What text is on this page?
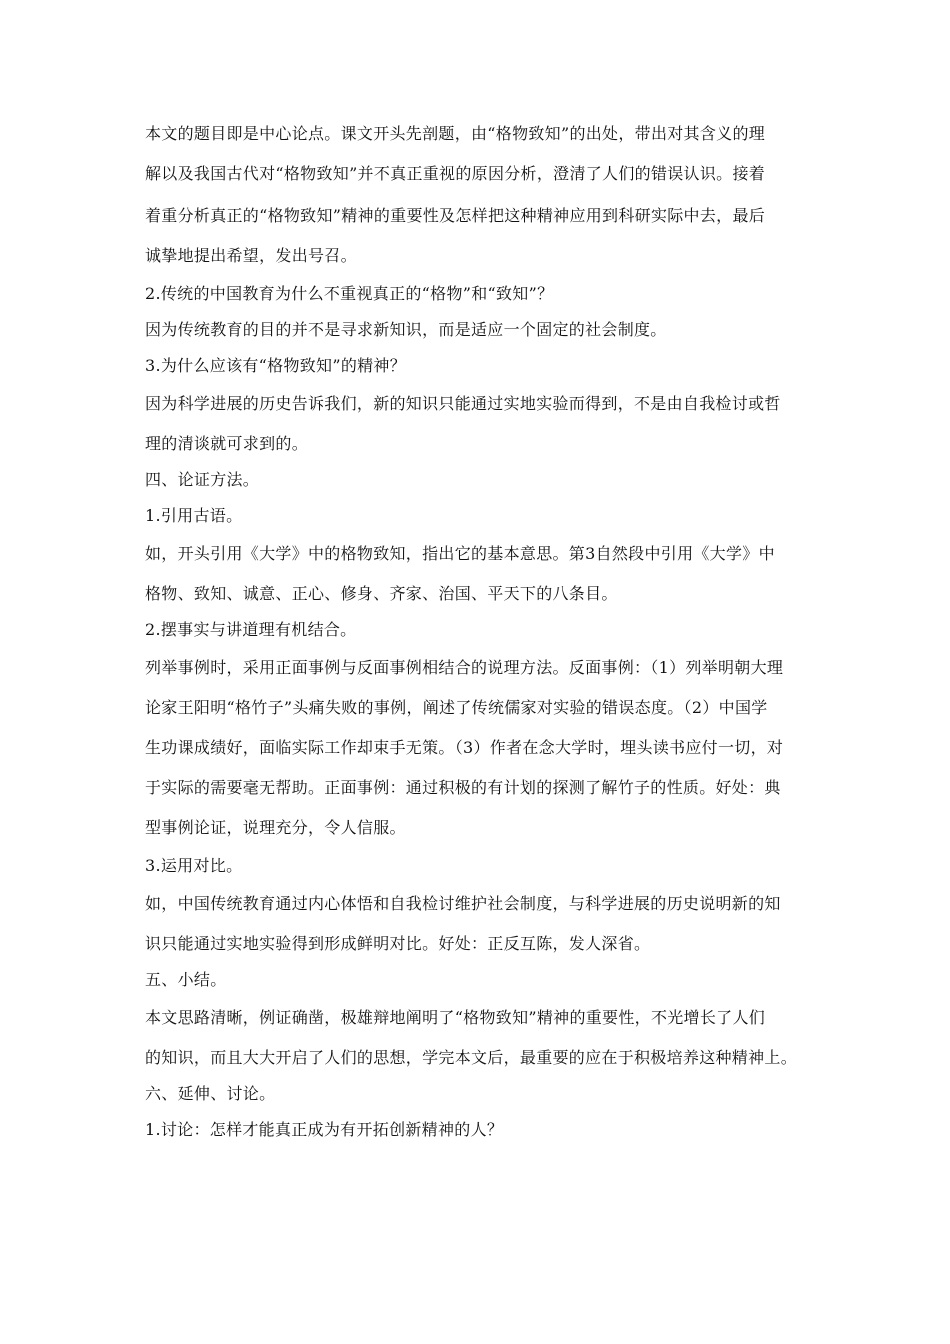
本文的题目即是中心论点。课文开头先剖题，由“格物致知”的出处，带出对其含义的理
解以及我国古代对“格物致知”并不真正重视的原因分析，澄清了人们的错误认识。接着
着重分析真正的“格物致知”精神的重要性及怎样把这种精神应用到科研实际中去，最后
诚挚地提出希望，发出号召。
2.传统的中国教育为什么不重视真正的“格物”和“致知”？
因为传统教育的目的并不是寻求新知识，而是适应一个固定的社会制度。
3.为什么应该有“格物致知”的精神？
因为科学进展的历史告诉我们，新的知识只能通过实地实验而得到，不是由自我检讨或哲
理的清谈就可求到的。
四、论证方法。
1.引用古语。
如，开头引用《大学》中的格物致知，指出它的基本意思。第3自然段中引用《大学》中
格物、致知、诚意、正心、修身、齐家、治国、平天下的八条目。
2.摆事实与讲道理有机结合。
列举事例时，采用正面事例与反面事例相结合的说理方法。反面事例：（1）列举明朝大理
论家王阳明“格竹子”头痛失败的事例，阐述了传统儒家对实验的错误态度。（2）中国学
生功课成绩好，面临实际工作却束手无策。（3）作者在念大学时，埋头读书应付一切，对
于实际的需要毫无帮助。正面事例：通过积极的有计划的探测了解竹子的性质。好处：典
型事例论证，说理充分，令人信服。
3.运用对比。
如，中国传统教育通过内心体悟和自我检讨维护社会制度，与科学进展的历史说明新的知
识只能通过实地实验得到形成鲜明对比。好处：正反互陈，发人深省。
五、小结。
本文思路清晰，例证确凿，极雄辩地阐明了“格物致知”精神的重要性，不光增长了人们
的知识，而且大大开启了人们的思想，学完本文后，最重要的应在于积极培养这种精神上。
六、延伸、讨论。
1.讨论：怎样才能真正成为有开拓创新精神的人？
